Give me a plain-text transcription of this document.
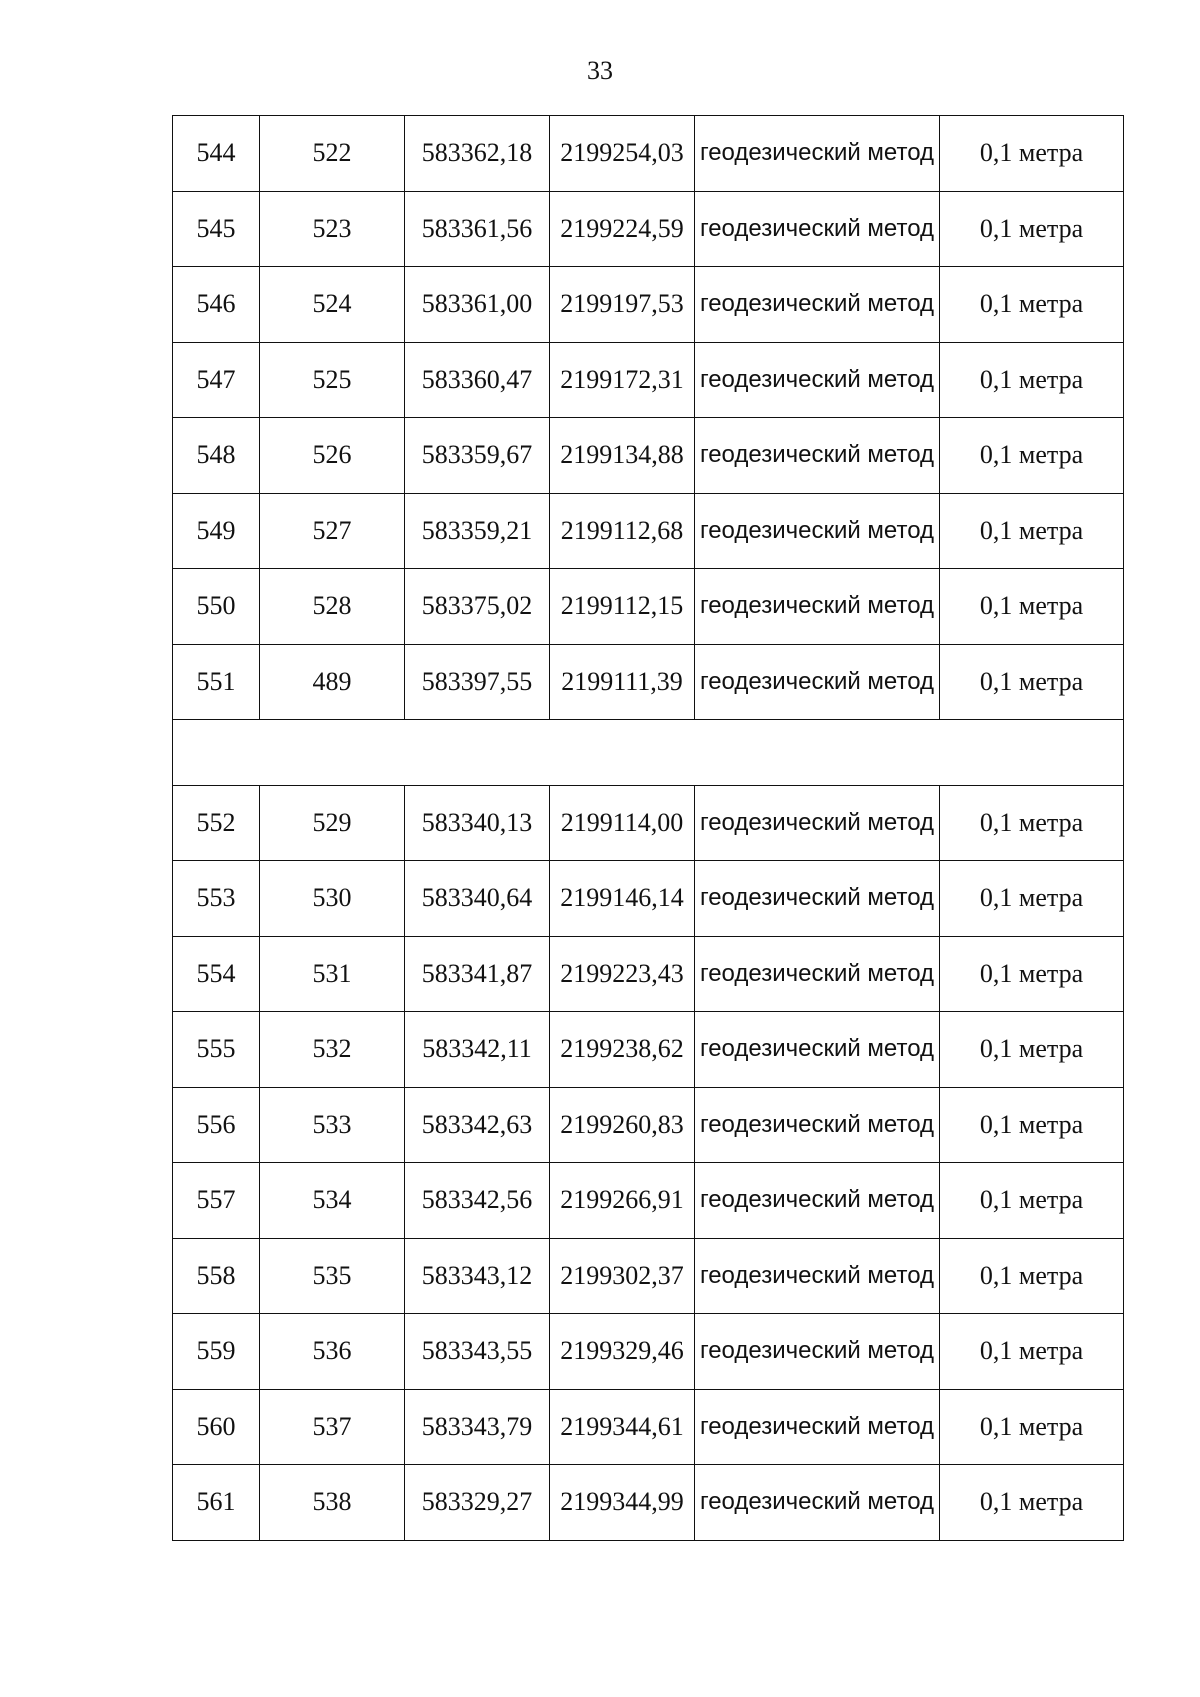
33
544	522	583362,18	2199254,03	геодезический метод	0,1 метра
545	523	583361,56	2199224,59	геодезический метод	0,1 метра
546	524	583361,00	2199197,53	геодезический метод	0,1 метра
547	525	583360,47	2199172,31	геодезический метод	0,1 метра
548	526	583359,67	2199134,88	геодезический метод	0,1 метра
549	527	583359,21	2199112,68	геодезический метод	0,1 метра
550	528	583375,02	2199112,15	геодезический метод	0,1 метра
551	489	583397,55	2199111,39	геодезический метод	0,1 метра

552	529	583340,13	2199114,00	геодезический метод	0,1 метра
553	530	583340,64	2199146,14	геодезический метод	0,1 метра
554	531	583341,87	2199223,43	геодезический метод	0,1 метра
555	532	583342,11	2199238,62	геодезический метод	0,1 метра
556	533	583342,63	2199260,83	геодезический метод	0,1 метра
557	534	583342,56	2199266,91	геодезический метод	0,1 метра
558	535	583343,12	2199302,37	геодезический метод	0,1 метра
559	536	583343,55	2199329,46	геодезический метод	0,1 метра
560	537	583343,79	2199344,61	геодезический метод	0,1 метра
561	538	583329,27	2199344,99	геодезический метод	0,1 метра
